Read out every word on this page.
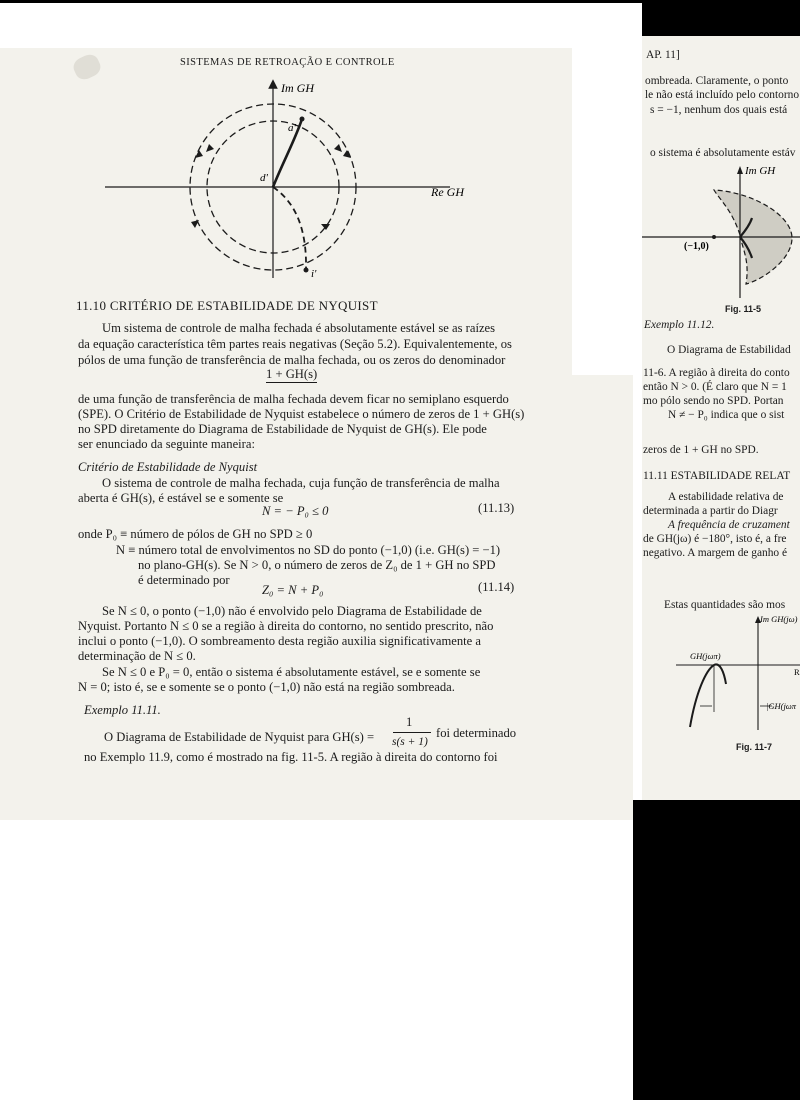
SISTEMAS DE RETROAÇÃO E CONTROLE
Im GH
Re GH
a'
d'
i'
11.10 CRITÉRIO DE ESTABILIDADE DE NYQUIST
Um sistema de controle de malha fechada é absolutamente estável se as raízes
da equação característica têm partes reais negativas (Seção 5.2). Equivalentemente, os
pólos de uma função de transferência de malha fechada, ou os zeros do denominador
1 + GH(s)
de uma função de transferência de malha fechada devem ficar no semiplano esquerdo
(SPE). O Critério de Estabilidade de Nyquist estabelece o número de zeros de 1 + GH(s)
no SPD diretamente do Diagrama de Estabilidade de Nyquist de GH(s). Ele pode
ser enunciado da seguinte maneira:
Critério de Estabilidade de Nyquist
O sistema de controle de malha fechada, cuja função de transferência de malha
aberta é GH(s), é estável se e somente se
N = − P₀ ≤ 0	(11.13)
onde P₀ ≡ número de pólos de GH no SPD ≥ 0
N ≡ número total de envolvimentos no SD do ponto (−1,0) (i.e. GH(s) = −1)
no plano-GH(s). Se N > 0, o número de zeros de Z₀ de 1 + GH no SPD
é determinado por
Z₀ = N + P₀	(11.14)
Se N ≤ 0, o ponto (−1,0) não é envolvido pelo Diagrama de Estabilidade de
Nyquist. Portanto N ≤ 0 se a região à direita do contorno, no sentido prescrito, não
inclui o ponto (−1,0). O sombreamento desta região auxilia significativamente a
determinação de N ≤ 0.
Se N ≤ 0 e P₀ = 0, então o sistema é absolutamente estável, se e somente se
N = 0; isto é, se e somente se o ponto (−1,0) não está na região sombreada.
Exemplo 11.11.
O Diagrama de Estabilidade de Nyquist para GH(s) =
1
s(s + 1)
foi determinado
no Exemplo 11.9, como é mostrado na fig. 11-5. A região à direita do contorno foi
AP. 11]
ombreada. Claramente, o ponto
le não está incluído pelo contorno
s = −1, nenhum dos quais está
o sistema é absolutamente estáv
Im GH
(−1,0)
Fig. 11-5
Exemplo 11.12.
O Diagrama de Estabilidad
11-6. A região à direita do conto
então N > 0. (É claro que N = 1
mo pólo sendo no SPD. Portan
N ≠ − P₀ indica que o sist
zeros de 1 + GH no SPD.
11.11 ESTABILIDADE RELAT
A estabilidade relativa de
determinada a partir do Diagr
A frequência de cruzament
de GH(jω) é −180°, isto é, a fre
negativo. A margem de ganho é
Estas quantidades são mos
Im GH(jω)
GH(jωπ)
|GH(jωπ
R
Fig. 11-7
